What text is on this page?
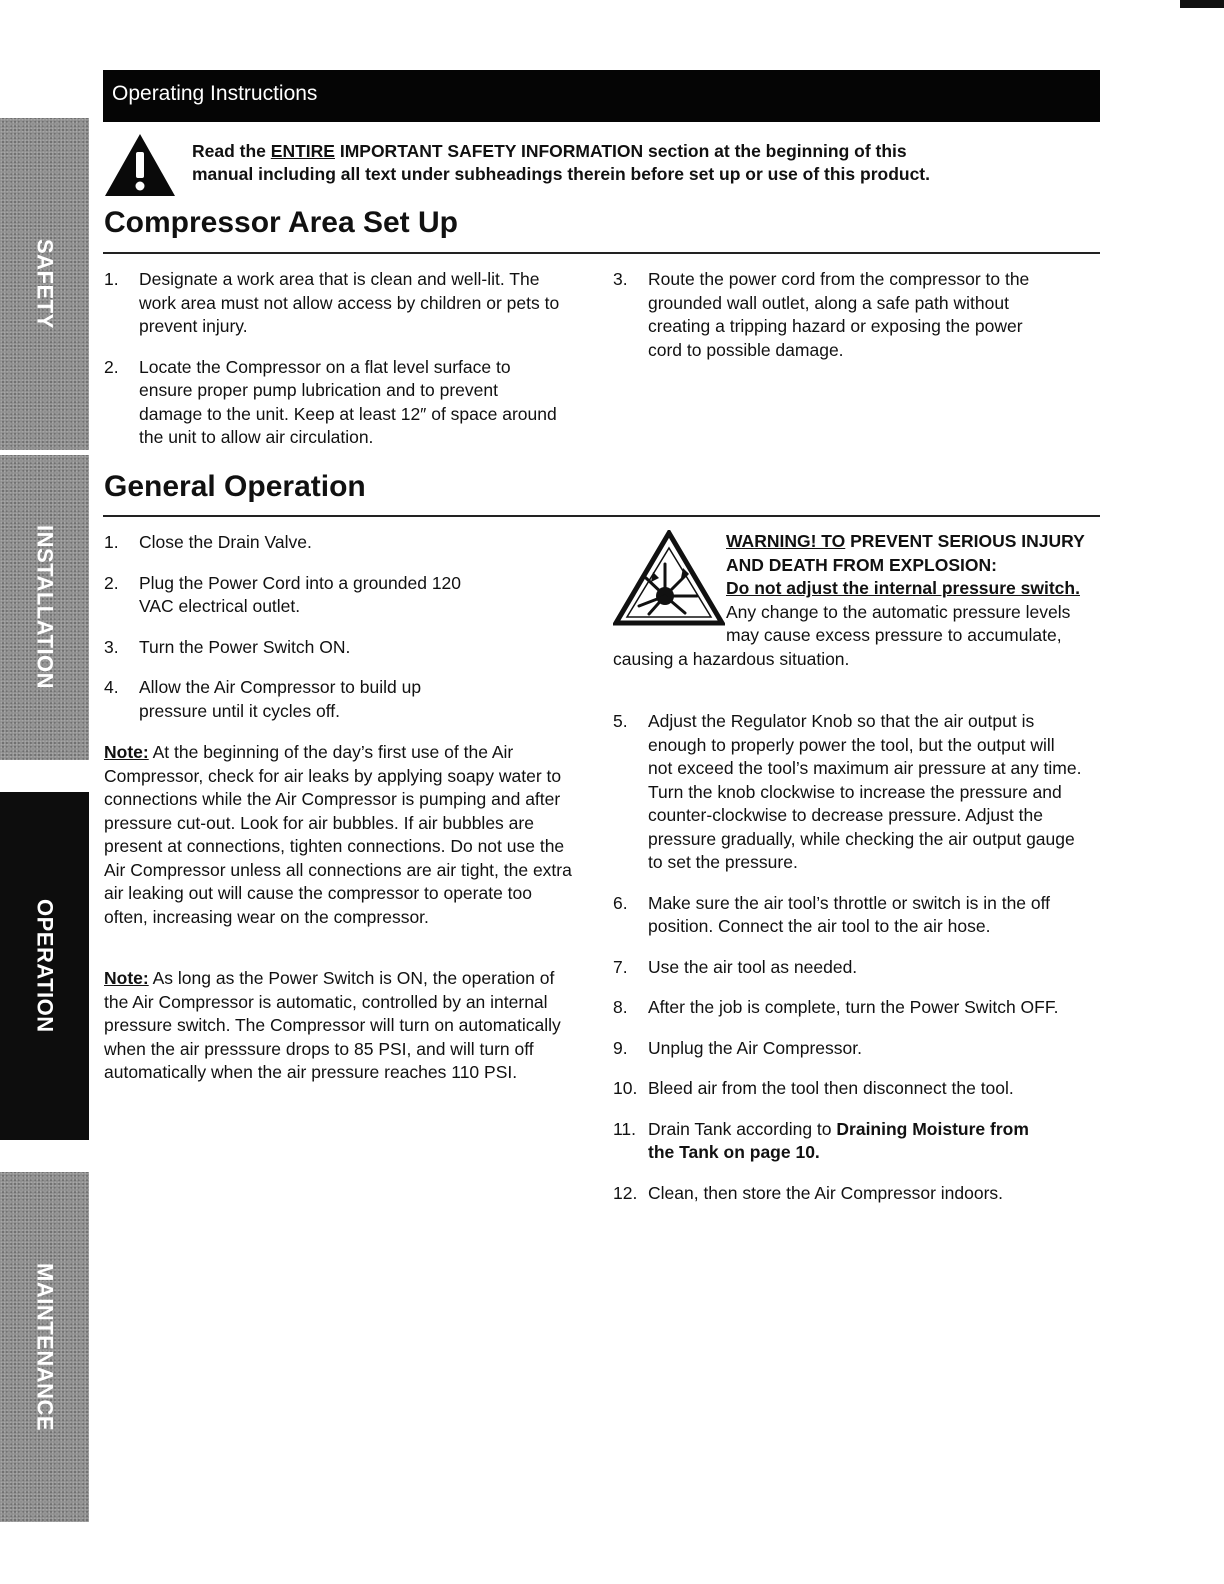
SAFETY
INSTALLATION
OPERATION
MAINTENANCE
Operating Instructions
Read the ENTIRE IMPORTANT SAFETY INFORMATION section at the beginning of this
manual including all text under subheadings therein before set up or use of this product.
Compressor Area Set Up
1. Designate a work area that is clean and well-lit. The work area must not allow access by children or pets to prevent injury.
2. Locate the Compressor on a flat level surface to ensure proper pump lubrication and to prevent damage to the unit. Keep at least 12″ of space around the unit to allow air circulation.
3. Route the power cord from the compressor to the grounded wall outlet, along a safe path without creating a tripping hazard or exposing the power cord to possible damage.
General Operation
1. Close the Drain Valve.
2. Plug the Power Cord into a grounded 120 VAC electrical outlet.
3. Turn the Power Switch ON.
4. Allow the Air Compressor to build up pressure until it cycles off.

Note: At the beginning of the day’s first use of the Air Compressor, check for air leaks by applying soapy water to connections while the Air Compressor is pumping and after pressure cut-out. Look for air bubbles. If air bubbles are present at connections, tighten connections. Do not use the Air Compressor unless all connections are air tight, the extra air leaking out will cause the compressor to operate too often, increasing wear on the compressor.

Note: As long as the Power Switch is ON, the operation of the Air Compressor is automatic, controlled by an internal pressure switch. The Compressor will turn on automatically when the air presssure drops to 85 PSI, and will turn off automatically when the air pressure reaches 110 PSI.

WARNING! TO PREVENT SERIOUS INJURY AND DEATH FROM EXPLOSION:
Do not adjust the internal pressure switch. Any change to the automatic pressure levels may cause excess pressure to accumulate, causing a hazardous situation.
5. Adjust the Regulator Knob so that the air output is enough to properly power the tool, but the output will not exceed the tool’s maximum air pressure at any time. Turn the knob clockwise to increase the pressure and counter-clockwise to decrease pressure. Adjust the pressure gradually, while checking the air output gauge to set the pressure.
6. Make sure the air tool’s throttle or switch is in the off position. Connect the air tool to the air hose.
7. Use the air tool as needed.
8. After the job is complete, turn the Power Switch OFF.
9. Unplug the Air Compressor.
10. Bleed air from the tool then disconnect the tool.
11. Drain Tank according to Draining Moisture from the Tank on page 10.
12. Clean, then store the Air Compressor indoors.
